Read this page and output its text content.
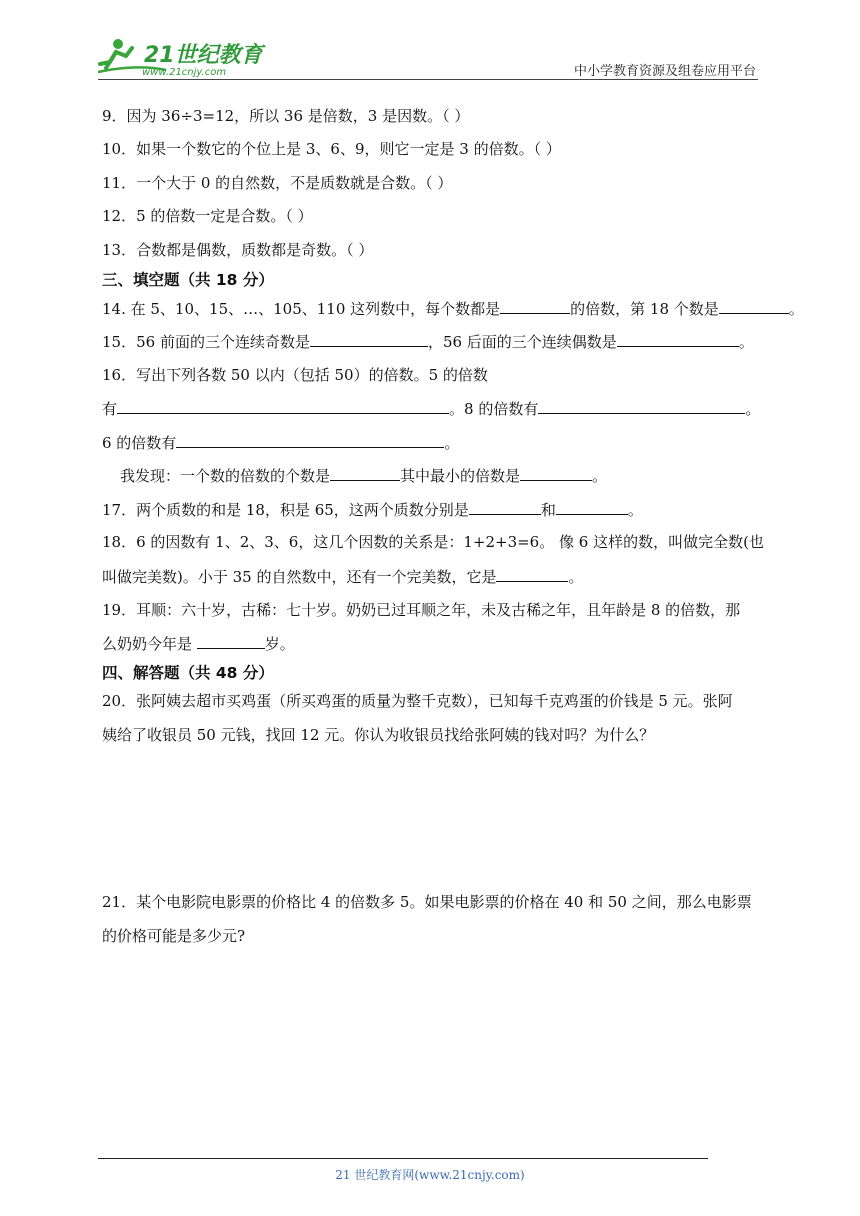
21世纪教育
www.21cnjy.com	中小学教育资源及组卷应用平台
9．因为 36÷3=12，所以 36 是倍数，3 是因数。（ ）
10．如果一个数它的个位上是 3、6、9，则它一定是 3 的倍数。（ ）
11．一个大于 0 的自然数，不是质数就是合数。（ ）
12．5 的倍数一定是合数。（ ）
13．合数都是偶数，质数都是奇数。（ ）
三、填空题（共 18 分）
14. 在 5、10、15、…、105、110 这列数中，每个数都是	的倍数，第 18 个数是	。
15．56 前面的三个连续奇数是	，56 后面的三个连续偶数是	。
16．写出下列各数 50 以内（包括 50）的倍数。5 的倍数
有	。8 的倍数有	。
6 的倍数有	。
我发现：一个数的倍数的个数是	其中最小的倍数是	。
17．两个质数的和是 18，积是 65，这两个质数分别是	和	。
18．6 的因数有 1、2、3、6，这几个因数的关系是：1+2+3=6。 像 6 这样的数，叫做完全数(也
叫做完美数)。小于 35 的自然数中，还有一个完美数，它是	。
19．耳顺：六十岁，古稀：七十岁。奶奶已过耳顺之年，未及古稀之年，且年龄是 8 的倍数，那
么奶奶今年是	岁。
四、解答题（共 48 分）
20．张阿姨去超市买鸡蛋（所买鸡蛋的质量为整千克数），已知每千克鸡蛋的价钱是 5 元。张阿
姨给了收银员 50 元钱，找回 12 元。你认为收银员找给张阿姨的钱对吗？为什么？
21．某个电影院电影票的价格比 4 的倍数多 5。如果电影票的价格在 40 和 50 之间，那么电影票
的价格可能是多少元?
21 世纪教育网(www.21cnjy.com)
